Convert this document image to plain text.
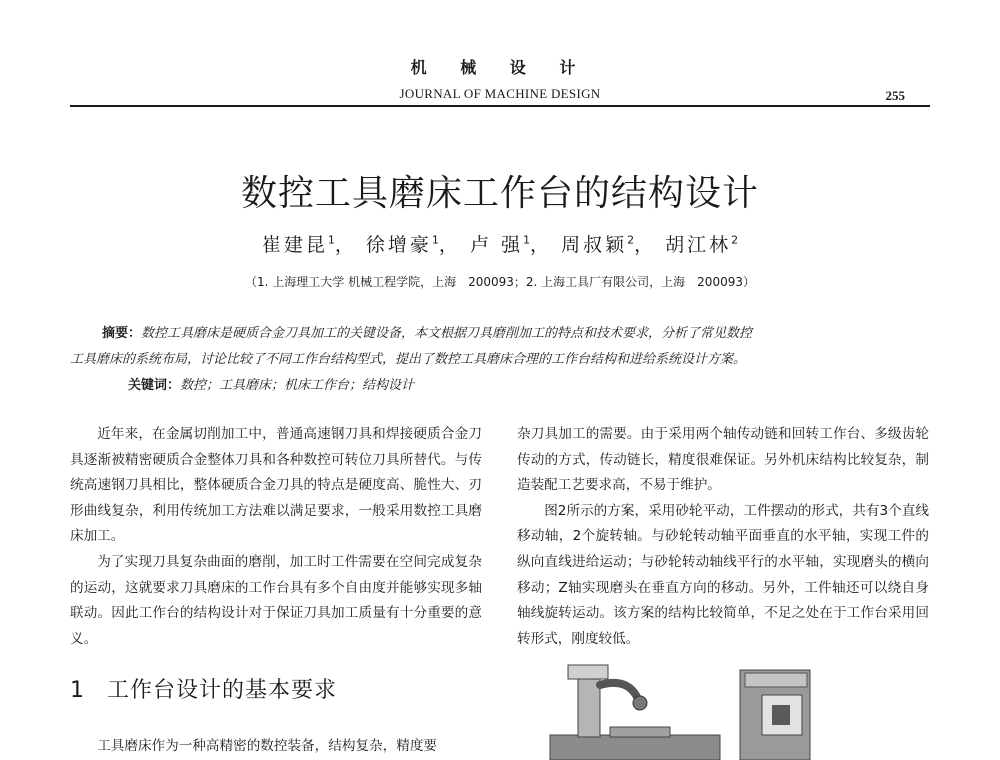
机 械 设 计
JOURNAL OF MACHINE DESIGN	255
数控工具磨床工作台的结构设计
崔建昆$^1$， 徐增豪$^1$， 卢 强$^1$， 周叔颖$^2$， 胡江林$^2$
（1. 上海理工大学 机械工程学院，上海　200093；2. 上海工具厂有限公司，上海　200093）
摘要：数控工具磨床是硬质合金刀具加工的关键设备，本文根据刀具磨削加工的特点和技术要求，分析了常见数控
工具磨床的系统布局，讨论比较了不同工作台结构型式，提出了数控工具磨床合理的工作台结构和进给系统设计方案。
关键词：数控；工具磨床；机床工作台；结构设计

近年来，在金属切削加工中，普通高速钢刀具和焊接硬质合金刀具逐渐被精密硬质合金整体刀具和各种数控可转位刀具所替代。与传统高速钢刀具相比，整体硬质合金刀具的特点是硬度高、脆性大、刃形曲线复杂，利用传统加工方法难以满足要求，一般采用数控工具磨床加工。

为了实现刀具复杂曲面的磨削，加工时工件需要在空间完成复杂的运动，这就要求刀具磨床的工作台具有多个自由度并能够实现多轴联动。因此工作台的结构设计对于保证刀具加工质量有十分重要的意义。

1 工作台设计的基本要求

工具磨床作为一种高精密的数控装备，结构复杂，精度要

杂刀具加工的需要。由于采用两个轴传动链和回转工作台、多级齿轮传动的方式，传动链长，精度很难保证。另外机床结构比较复杂，制造装配工艺要求高，不易于维护。

图2所示的方案，采用砂轮平动，工件摆动的形式，共有3个直线移动轴，2个旋转轴。与砂轮转动轴平面垂直的水平轴，实现工件的纵向直线进给运动；与砂轮转动轴线平行的水平轴，实现磨头的横向移动；Z轴实现磨头在垂直方向的移动。另外，工件轴还可以绕自身轴线旋转运动。该方案的结构比较简单，不足之处在于工作台采用回转形式，刚度较低。
